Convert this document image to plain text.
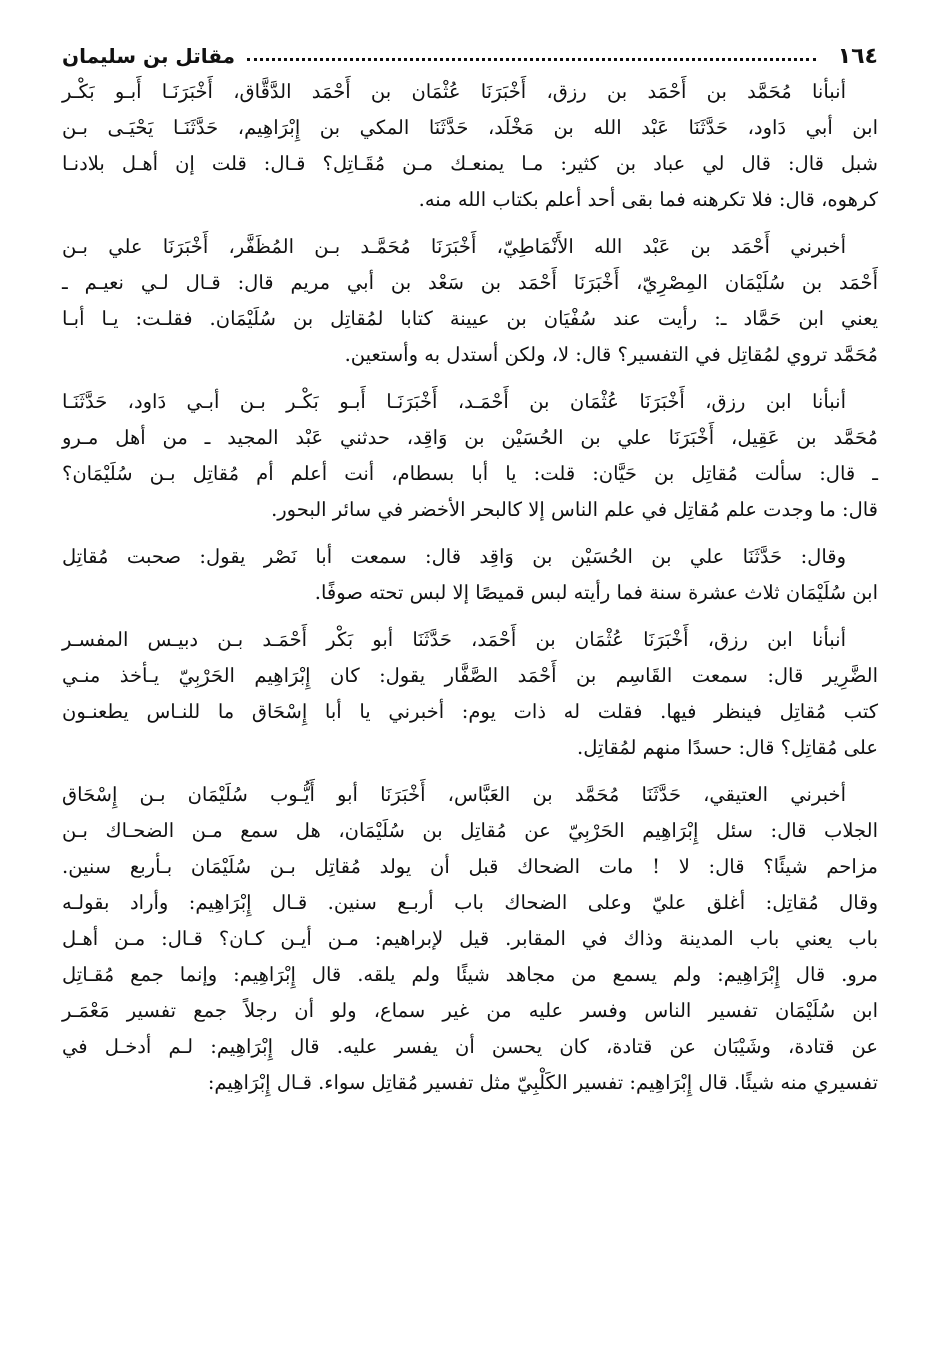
١٦٤
مقاتل بن سليمان

أنبأنا مُحَمَّد بن أَحْمَد بن رزق، أَخْبَرَنَا عُثْمَان بن أَحْمَد الدَّقَّاق، أَخْبَرَنَـا أَبـو بَكْـر
ابن أبي دَاود، حَدَّثَنَا عَبْد الله بن مَخْلَد، حَدَّثَنَا المكي بن إِبْرَاهِيم، حَدَّثَنَـا يَحْيَـى بـن
شبل قال: قال لي عباد بن كثير: مـا يمنعـك مـن مُقَـاتِل؟ قـال: قلت إن أهـل بلادنـا
كرهوه، قال: فلا تكرهنه فما بقى أحد أعلم بكتاب الله منه.

أخبرني أَحْمَد بن عَبْد الله الأَنْمَاطِيّ، أَخْبَرَنَا مُحَمَّـد بـن المُظَفَّر، أَخْبَرَنَا علي بـن
أَحْمَد بن سُلَيْمَان المِصْرِيّ، أَخْبَرَنَا أَحْمَد بن سَعْد بن أبي مريم قال: قـال لـي نعيـم ـ
يعني ابن حَمَّاد ـ: رأيت عند سُفْيَان بن عيينة كتابا لمُقاتِل بن سُلَيْمَان. فقلـت: يـا أبـا
مُحَمَّد تروي لمُقاتِل في التفسير؟ قال: لا، ولكن أستدل به وأستعين.

أنبأنا ابن رزق، أَخْبَرَنَا عُثْمَان بن أَحْمَـد، أَخْبَرَنَـا أَبـو بَكْـر بـن أبـي دَاود، حَدَّثَنَـا
مُحَمَّد بن عَقِيل، أَخْبَرَنَا علي بن الحُسَيْن بن وَاقِد، حدثني عَبْد المجيد ـ من أهل مـرو
ـ قال: سألت مُقاتِل بن حَيَّان: قلت: يا أبا بسطام، أنت أعلم أم مُقاتِل بـن سُلَيْمَان؟
قال: ما وجدت علم مُقاتِل في علم الناس إلا كالبحر الأخضر في سائر البحور.

وقال: حَدَّثَنَا علي بن الحُسَيْن بن وَاقِد قال: سمعت أبا نَصْر يقول: صحبت مُقاتِل
ابن سُلَيْمَان ثلاث عشرة سنة فما رأيته لبس قميصًا إلا لبس تحته صوفًا.

أنبأنا ابن رزق، أَخْبَرَنَا عُثْمَان بن أَحْمَد، حَدَّثَنَا أبو بَكْر أَحْمَـد بـن دبيـس المفسـر
الضَّرِير قال: سمعت القَاسِم بن أَحْمَد الصَّفَّار يقول: كان إِبْرَاهِيم الحَرْبِيّ يـأخذ منـي
كتب مُقاتِل فينظر فيها. فقلت له ذات يوم: أخبرني يا أبا إِسْحَاق ما للنـاس يطعنـون
على مُقاتِل؟ قال: حسدًا منهم لمُقاتِل.

أخبرني العتيقي، حَدَّثَنَا مُحَمَّد بن العَبَّاس، أَخْبَرَنَا أبو أَيُّـوب سُلَيْمَان بـن إِسْحَاق
الجلاب قال: سئل إِبْرَاهِيم الحَرْبِيّ عن مُقاتِل بن سُلَيْمَان، هل سمع مـن الضحـاك بـن
مزاحم شيئًا؟ قال: لا ! مات الضحاك قبل أن يولد مُقاتِل بـن سُلَيْمَان بـأربع سنين.
وقال مُقاتِل: أغلق عليّ وعلى الضحاك باب أربـع سنين. قـال إِبْرَاهِيم: وأراد بقولـه
باب يعني باب المدينة وذاك في المقابر. قيل لإبراهيم: مـن أيـن كـان؟ قـال: مـن أهـل
مرو. قال إِبْرَاهِيم: ولم يسمع من مجاهد شيئًا ولم يلقه. قال إِبْرَاهِيم: وإنما جمع مُقـاتِل
ابن سُلَيْمَان تفسير الناس وفسر عليه من غير سماع، ولو أن رجلاً جمع تفسير مَعْمَـر
عن قتادة، وشَيْبَان عن قتادة، كان يحسن أن يفسر عليه. قال إِبْرَاهِيم: لـم أدخـل في
تفسيري منه شيئًا. قال إِبْرَاهِيم: تفسير الكَلْبِيّ مثل تفسير مُقاتِل سواء. قـال إِبْرَاهِيم:
